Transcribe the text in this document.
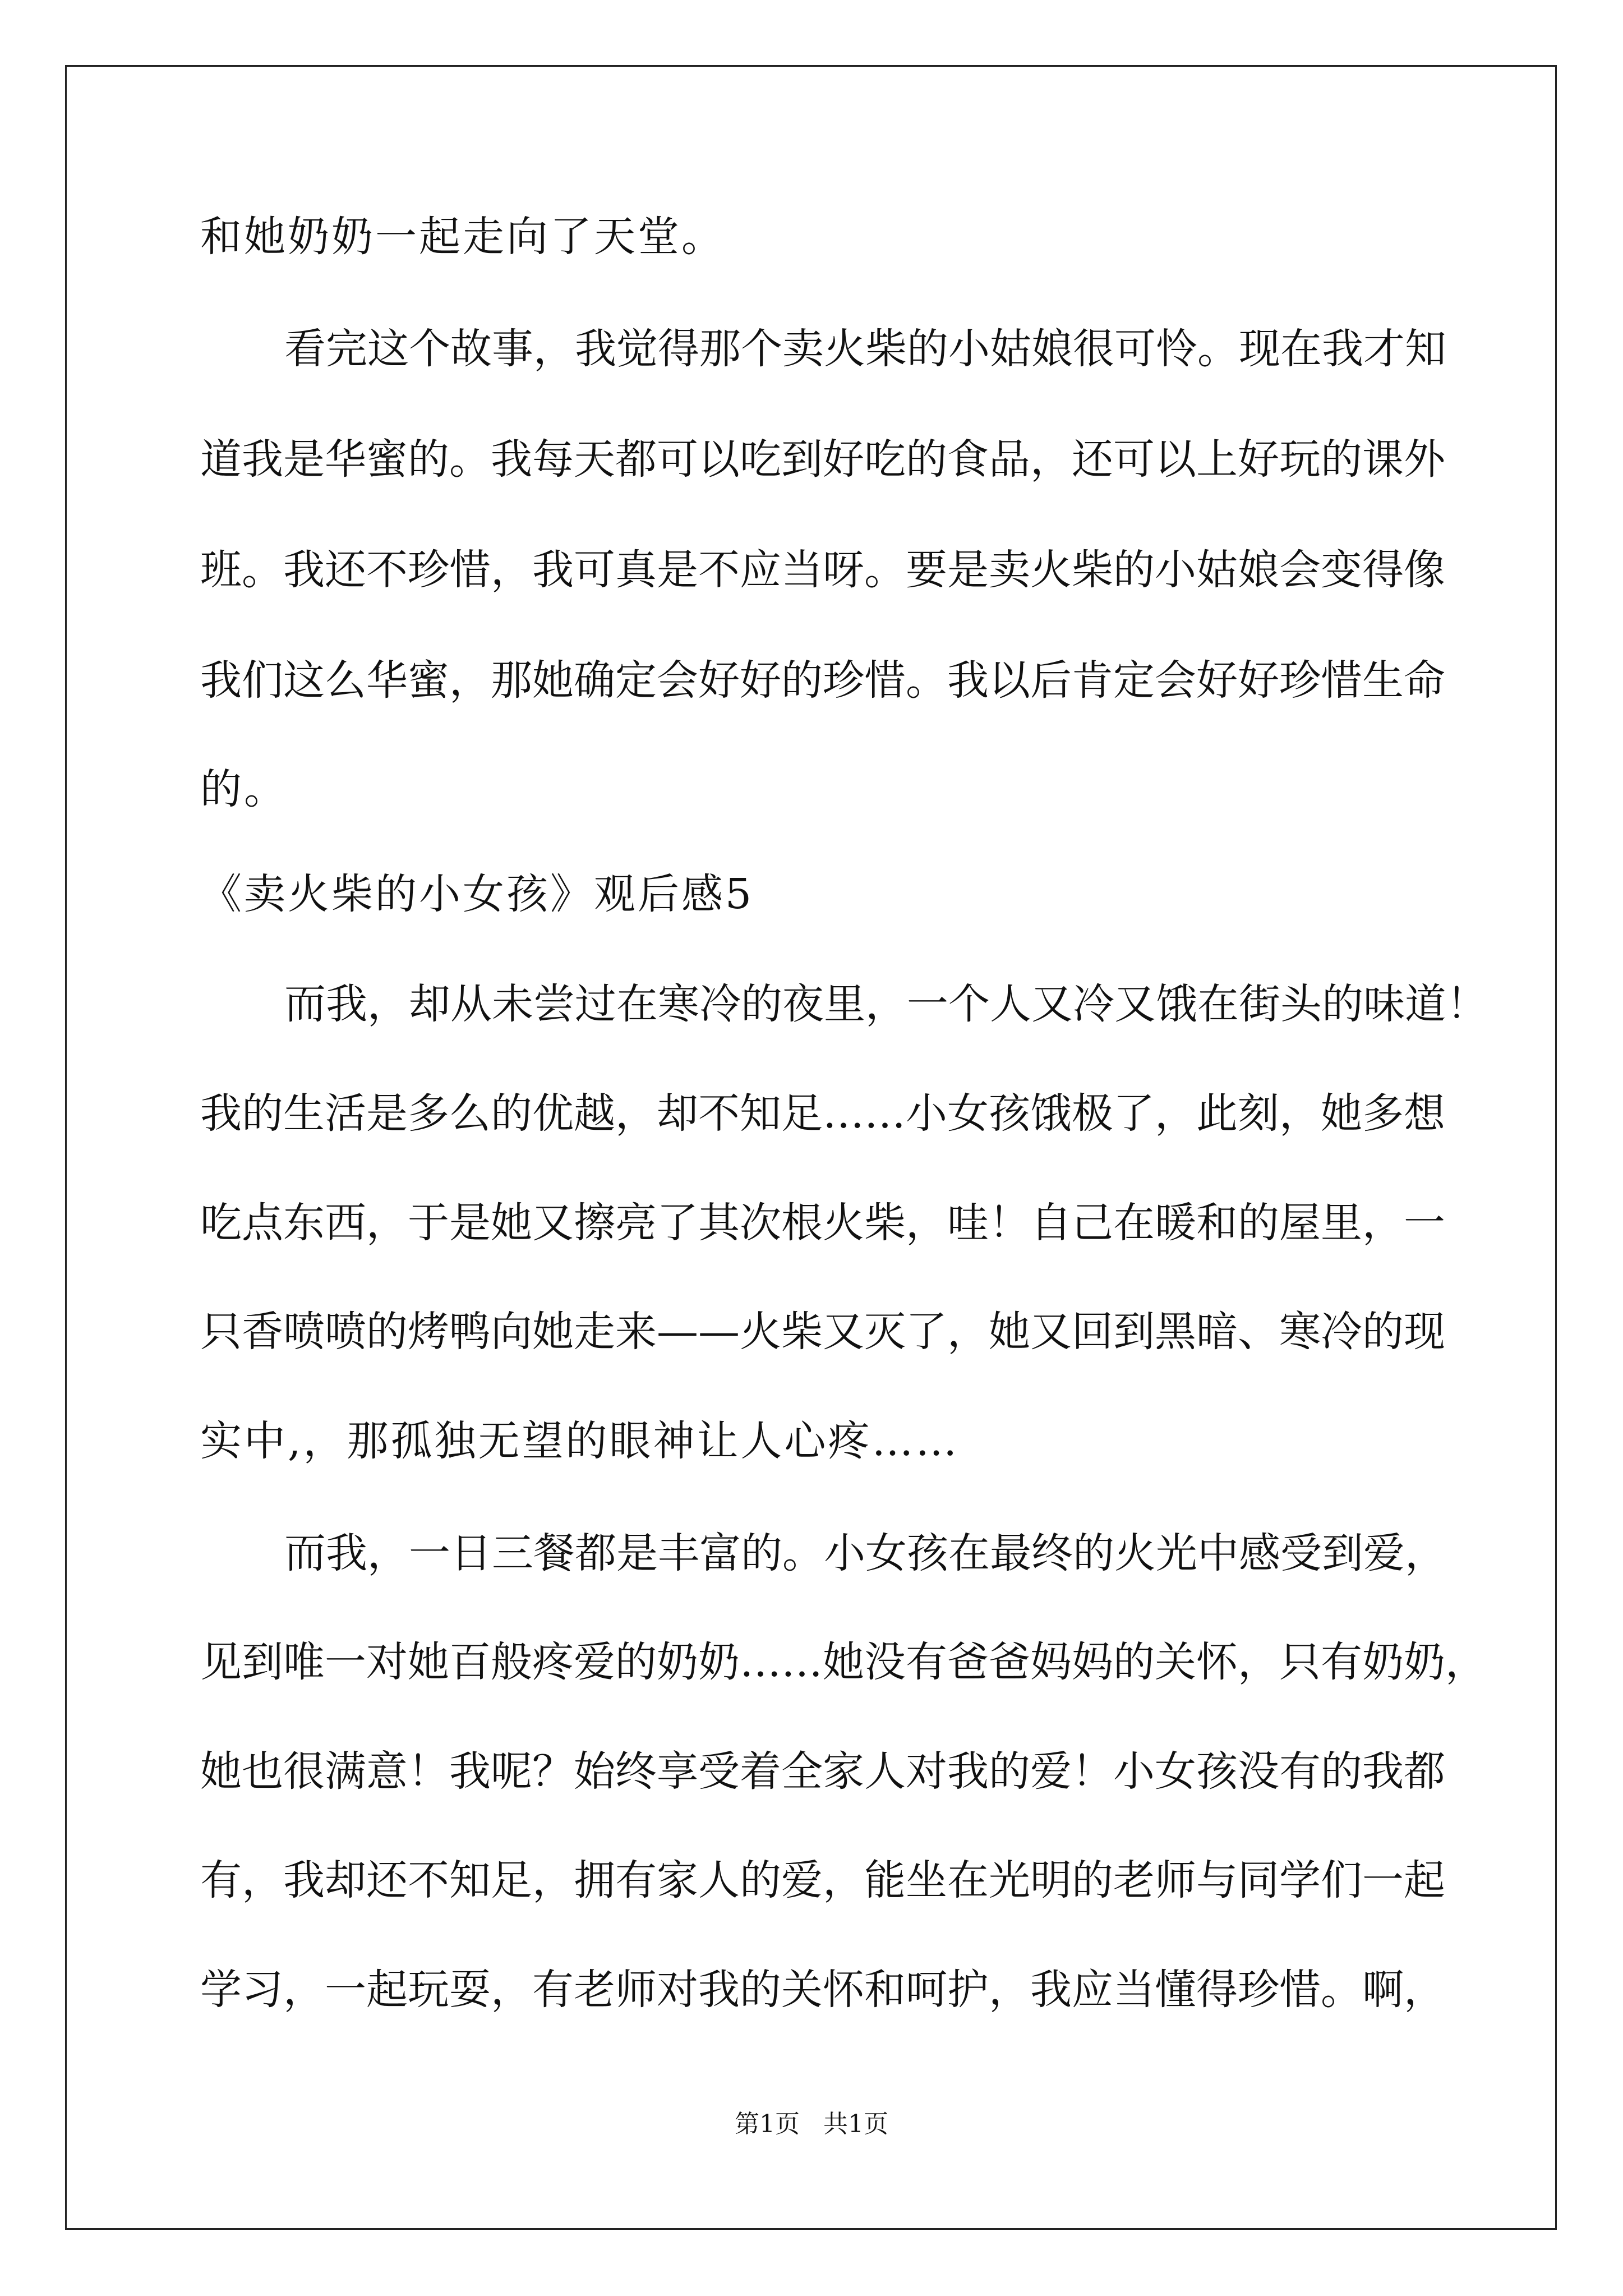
和她奶奶一起走向了天堂。
看完这个故事，我觉得那个卖火柴的小姑娘很可怜。现在我才知
道我是华蜜的。我每天都可以吃到好吃的食品，还可以上好玩的课外
班。我还不珍惜，我可真是不应当呀。要是卖火柴的小姑娘会变得像
我们这么华蜜，那她确定会好好的珍惜。我以后肯定会好好珍惜生命
的。
《卖火柴的小女孩》观后感5
而我，却从未尝过在寒冷的夜里，一个人又冷又饿在街头的味道！
我的生活是多么的优越，却不知足……小女孩饿极了，此刻，她多想
吃点东西，于是她又擦亮了其次根火柴，哇！自己在暖和的屋里，一
只香喷喷的烤鸭向她走来——火柴又灭了，她又回到黑暗、寒冷的现
实中,，那孤独无望的眼神让人心疼……
而我，一日三餐都是丰富的。小女孩在最终的火光中感受到爱，
见到唯一对她百般疼爱的奶奶……她没有爸爸妈妈的关怀，只有奶奶，
她也很满意！我呢？始终享受着全家人对我的爱！小女孩没有的我都
有，我却还不知足，拥有家人的爱，能坐在光明的老师与同学们一起
学习，一起玩耍，有老师对我的关怀和呵护，我应当懂得珍惜。啊，
第1页   共1页
